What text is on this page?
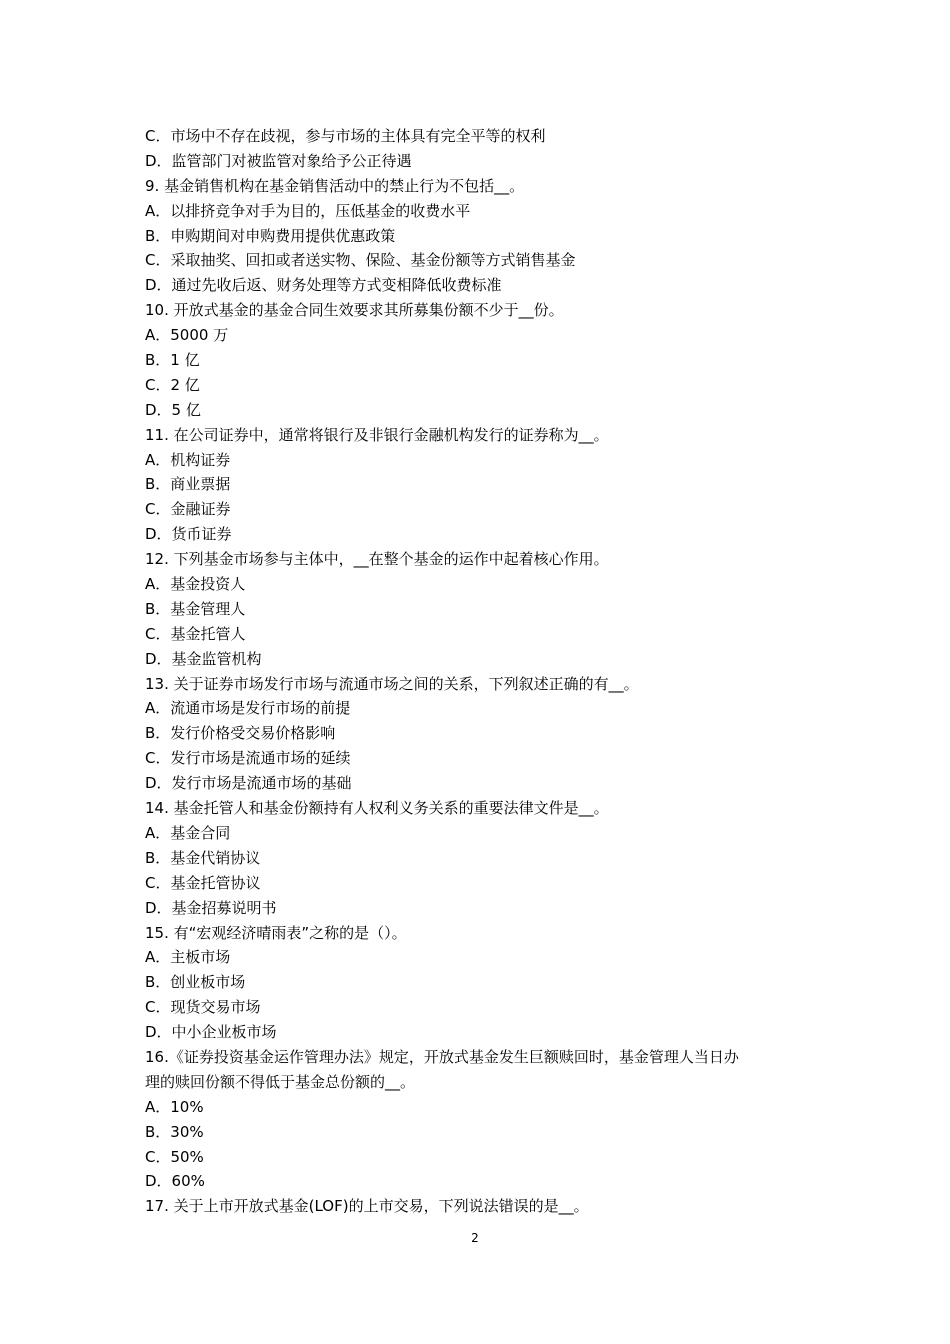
C．市场中不存在歧视，参与市场的主体具有完全平等的权利
D．监管部门对被监管对象给予公正待遇
9. 基金销售机构在基金销售活动中的禁止行为不包括__。
A．以排挤竞争对手为目的，压低基金的收费水平
B．申购期间对申购费用提供优惠政策
C．采取抽奖、回扣或者送实物、保险、基金份额等方式销售基金
D．通过先收后返、财务处理等方式变相降低收费标准
10. 开放式基金的基金合同生效要求其所募集份额不少于__份。
A．5000 万
B．1 亿
C．2 亿
D．5 亿
11. 在公司证券中，通常将银行及非银行金融机构发行的证券称为__。
A．机构证券
B．商业票据
C．金融证券
D．货币证券
12. 下列基金市场参与主体中，__在整个基金的运作中起着核心作用。
A．基金投资人
B．基金管理人
C．基金托管人
D．基金监管机构
13. 关于证券市场发行市场与流通市场之间的关系，下列叙述正确的有__。
A．流通市场是发行市场的前提
B．发行价格受交易价格影响
C．发行市场是流通市场的延续
D．发行市场是流通市场的基础
14. 基金托管人和基金份额持有人权利义务关系的重要法律文件是__。
A．基金合同
B．基金代销协议
C．基金托管协议
D．基金招募说明书
15. 有“宏观经济晴雨表”之称的是（）。
A．主板市场
B．创业板市场
C．现货交易市场
D．中小企业板市场
16.《证券投资基金运作管理办法》规定，开放式基金发生巨额赎回时，基金管理人当日办
理的赎回份额不得低于基金总份额的__。
A．10%
B．30%
C．50%
D．60%
17. 关于上市开放式基金(LOF)的上市交易，下列说法错误的是__。
2
